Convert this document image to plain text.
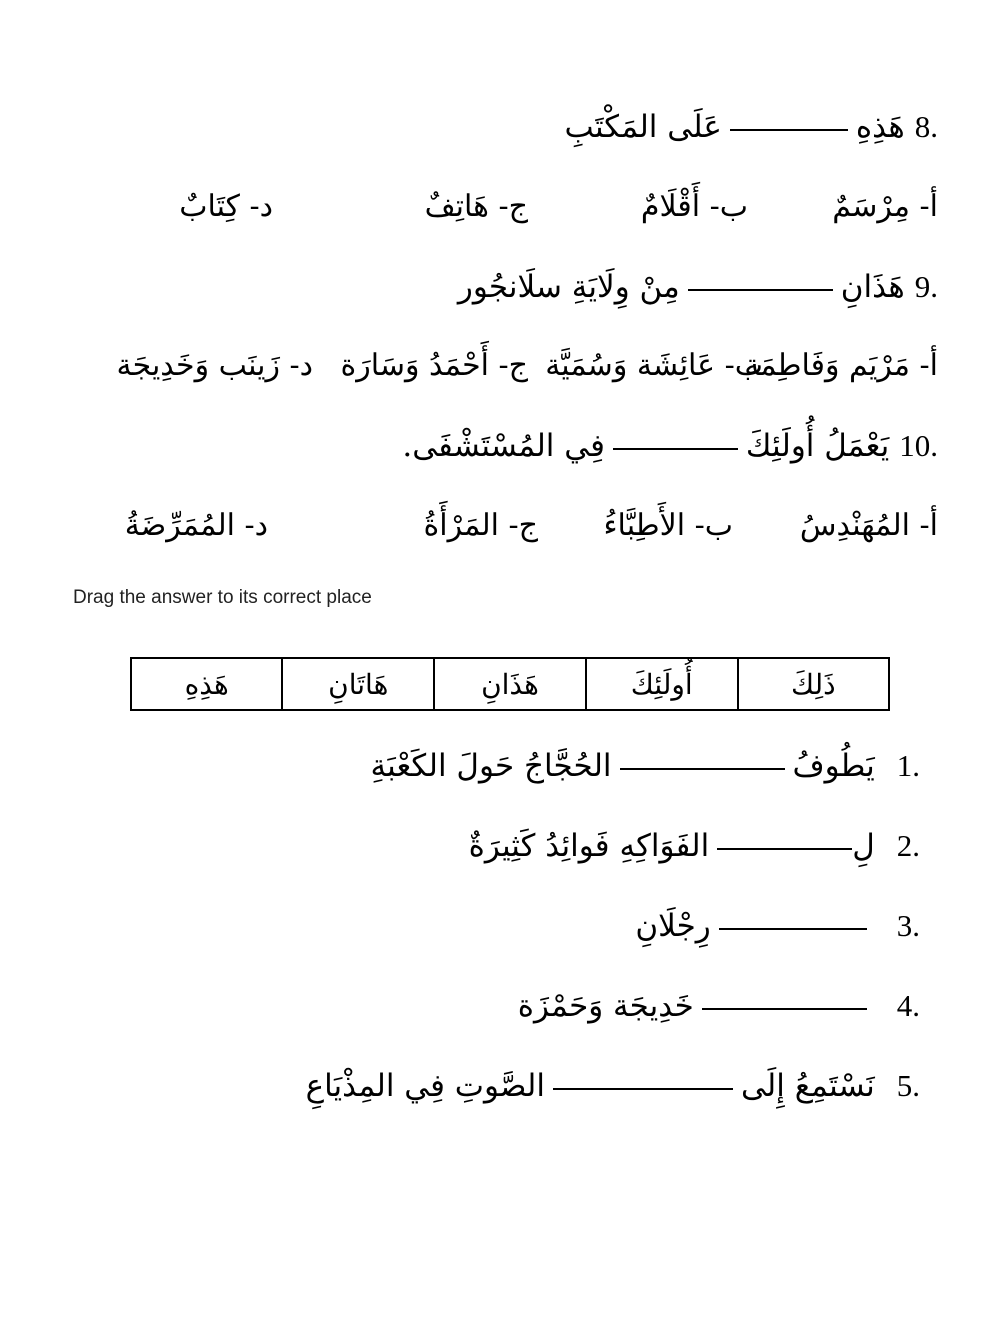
8.
هَذِهِ
عَلَى المَكْتَبِ
أ- مِرْسَمٌ
ب- أَقْلَامٌ
ج- هَاتِفٌ
د- كِتَابٌ
9.
هَذَانِ
مِنْ وِلَايَةِ سلَانجُور
أ- مَرْيَم وَفَاطِمَة
ب- عَائِشَة وَسُمَيَّة
ج- أَحْمَدُ وَسَارَة
د- زَينَب وَخَدِيجَة
10.
يَعْمَلُ أُولَئِكَ
فِي المُسْتَشْفَى.
أ- المُهَنْدِسُ
ب- الأَطِبَّاءُ
ج- المَرْأَةُ
د- المُمَرِّضَةُ
Drag the answer to its correct place
ذَلِكَ	أُولَئِكَ	هَذَانِ	هَاتَانِ	هَذِهِ
1.
يَطُوفُ
الحُجَّاجُ حَولَ الكَعْبَةِ
2.
لِ
الفَوَاكِهِ فَوائِدُ كَثِيرَةٌ
3.
رِجْلَانِ
4.
خَدِيجَة وَحَمْزَة
5.
نَسْتَمِعُ إِلَى
الصَّوتِ فِي المِذْيَاعِ
